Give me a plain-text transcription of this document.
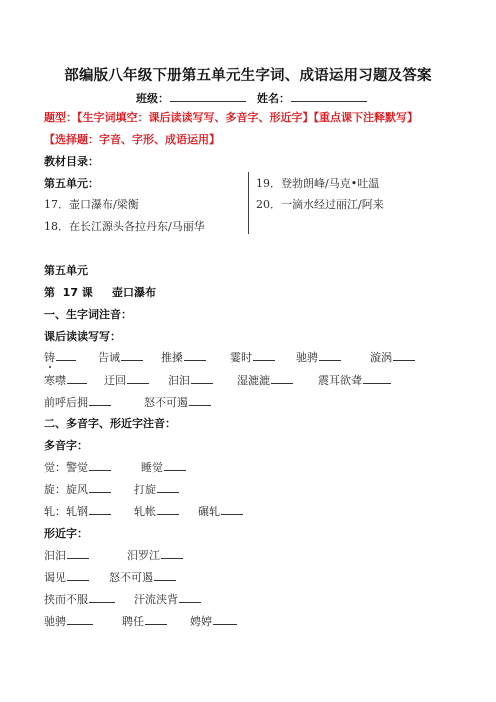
部编版八年级下册第五单元生字词、成语运用习题及答案
班级：	姓名：
题型：【生字词填空：课后读读写写、多音字、形近字】【重点课下注释默写】
【选择题：字音、字形、成语运用】
教材目录：
第五单元：
17．壶口瀑布/梁衡
18．在长江源头各拉丹东/马丽华
19．登勃朗峰/马克•吐温
20．一滴水经过丽江/阿来
第五单元
第  17 课     壶口瀑布
一、生字词注音：
课后读读写写：
铸	告诫	推搡	霎时	驰骋	漩涡
寒噤	迂回	汩汩	湿漉漉	震耳欲聋
前呼后拥	怒不可遏
二、多音字、形近字注音：
多音字：
觉：警觉	睡觉
旋：旋风	打旋
轧：轧钢	轧帐	碾轧
形近字：
汩汩	汨罗江
谒见	怒不可遏
挟而不服	汗流浃背
驰骋	聘任	娉婷
